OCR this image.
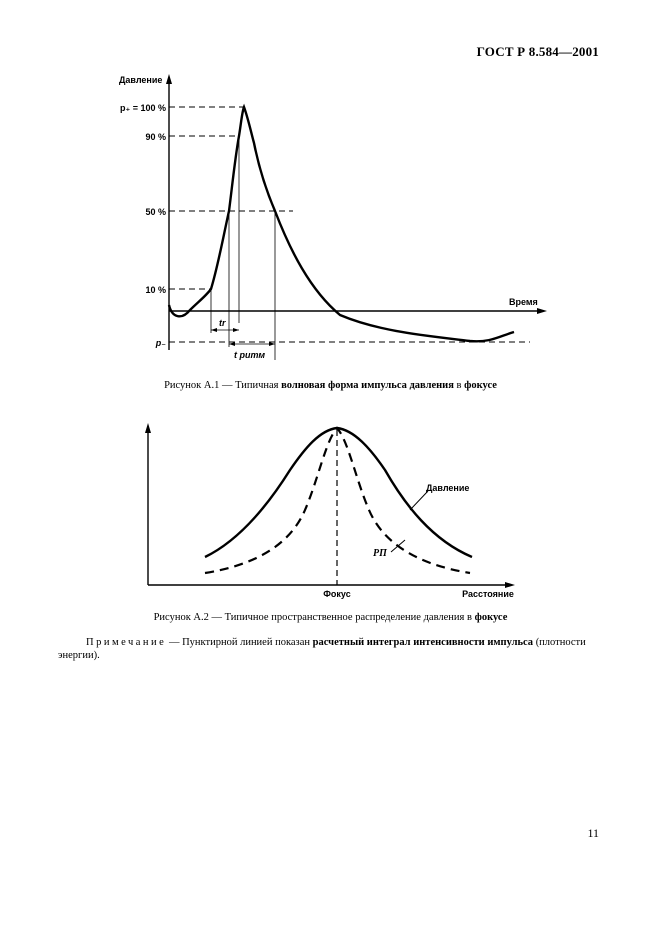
ГОСТ Р 8.584—2001
Давление
Время
p₊ = 100 %
90 %
50 %
10 %
p₋
tr
t ритм
Рисунок А.1 — Типичная волновая форма импульса давления в фокусе
Давление
РП
Фокус	Расстояние
Рисунок А.2 — Типичное пространственное распределение давления в фокусе
Примечание — Пунктирной линией показан расчетный интеграл интенсивности импульса (плотности энергии).
11
